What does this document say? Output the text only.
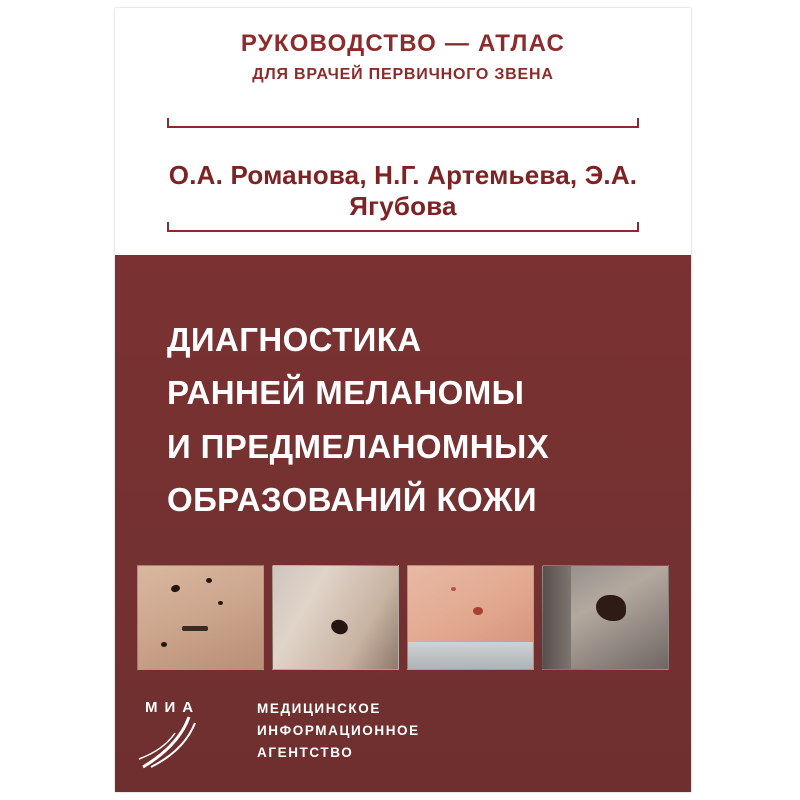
РУКОВОДСТВО — АТЛАС
ДЛЯ ВРАЧЕЙ ПЕРВИЧНОГО ЗВЕНА
О.А. Романова, Н.Г. Артемьева, Э.А. Ягубова
ДИАГНОСТИКА
РАННЕЙ МЕЛАНОМЫ
И ПРЕДМЕЛАНОМНЫХ
ОБРАЗОВАНИЙ КОЖИ
МИА	МЕДИЦИНСКОЕ
ИНФОРМАЦИОННОЕ
АГЕНТСТВО
